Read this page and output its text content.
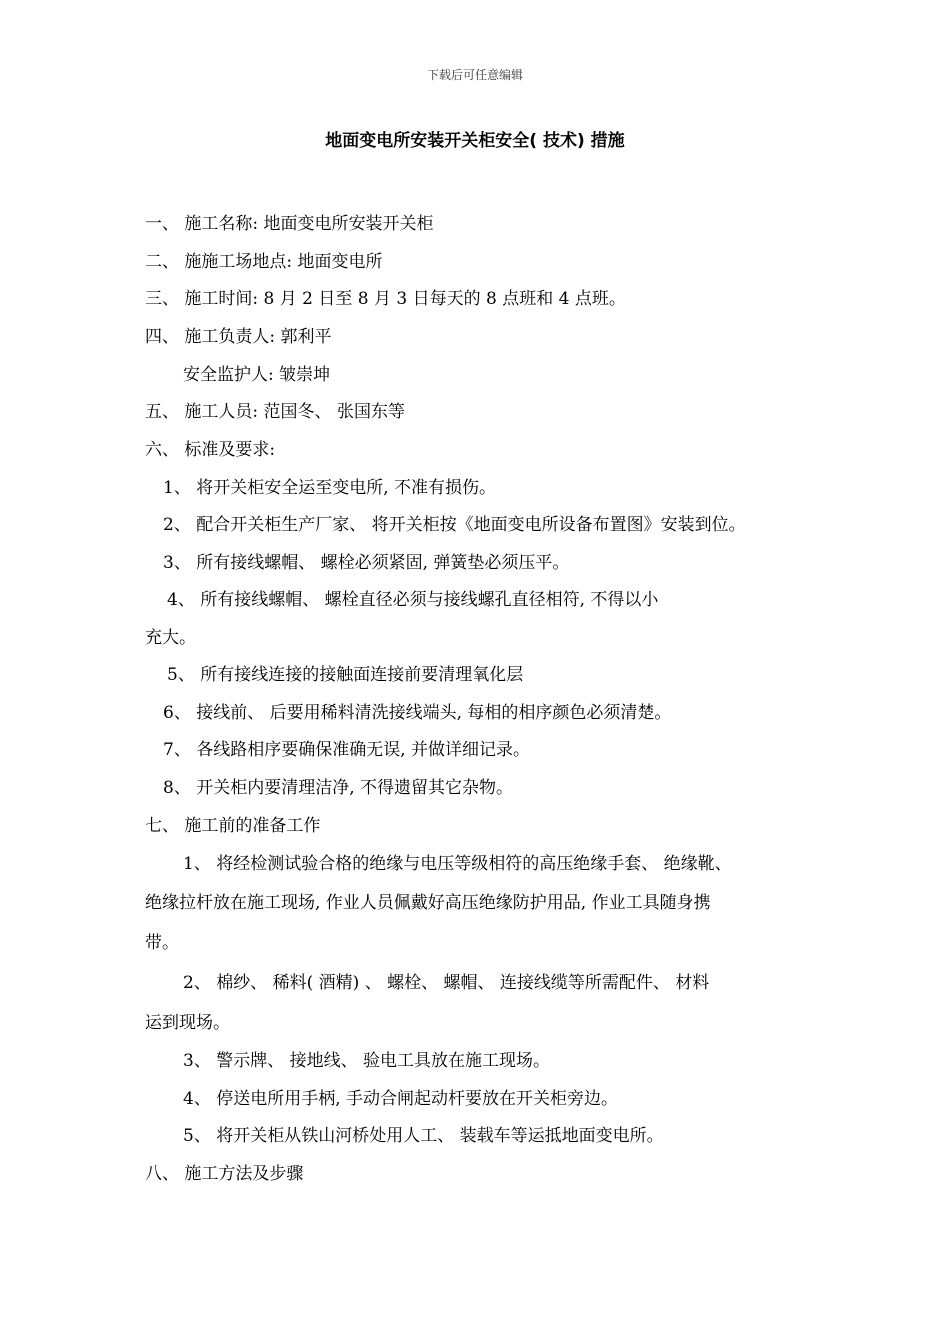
下载后可任意编辑
地面变电所安装开关柜安全( 技术) 措施
一、 施工名称: 地面变电所安装开关柜
二、 施施工场地点: 地面变电所
三、 施工时间: 8 月 2 日至 8 月 3 日每天的 8 点班和 4 点班。
四、 施工负责人: 郭利平
安全监护人: 皱崇坤
五、 施工人员: 范国冬、 张国东等
六、 标准及要求:
1、 将开关柜安全运至变电所, 不准有损伤。
2、 配合开关柜生产厂家、 将开关柜按《地面变电所设备布置图》安装到位。
3、 所有接线螺帽、 螺栓必须紧固, 弹簧垫必须压平。
4、 所有接线螺帽、 螺栓直径必须与接线螺孔直径相符, 不得以小
充大。
5、 所有接线连接的接触面连接前要清理氧化层
6、 接线前、 后要用稀料清洗接线端头, 每相的相序颜色必须清楚。
7、 各线路相序要确保准确无误, 并做详细记录。
8、 开关柜内要清理洁净, 不得遗留其它杂物。
七、 施工前的准备工作
1、 将经检测试验合格的绝缘与电压等级相符的高压绝缘手套、 绝缘靴、
绝缘拉杆放在施工现场, 作业人员佩戴好高压绝缘防护用品, 作业工具随身携
带。
2、 棉纱、 稀料( 酒精) 、 螺栓、 螺帽、 连接线缆等所需配件、 材料
运到现场。
3、 警示牌、 接地线、 验电工具放在施工现场。
4、 停送电所用手柄, 手动合闸起动杆要放在开关柜旁边。
5、 将开关柜从铁山河桥处用人工、 装载车等运抵地面变电所。
八、 施工方法及步骤
